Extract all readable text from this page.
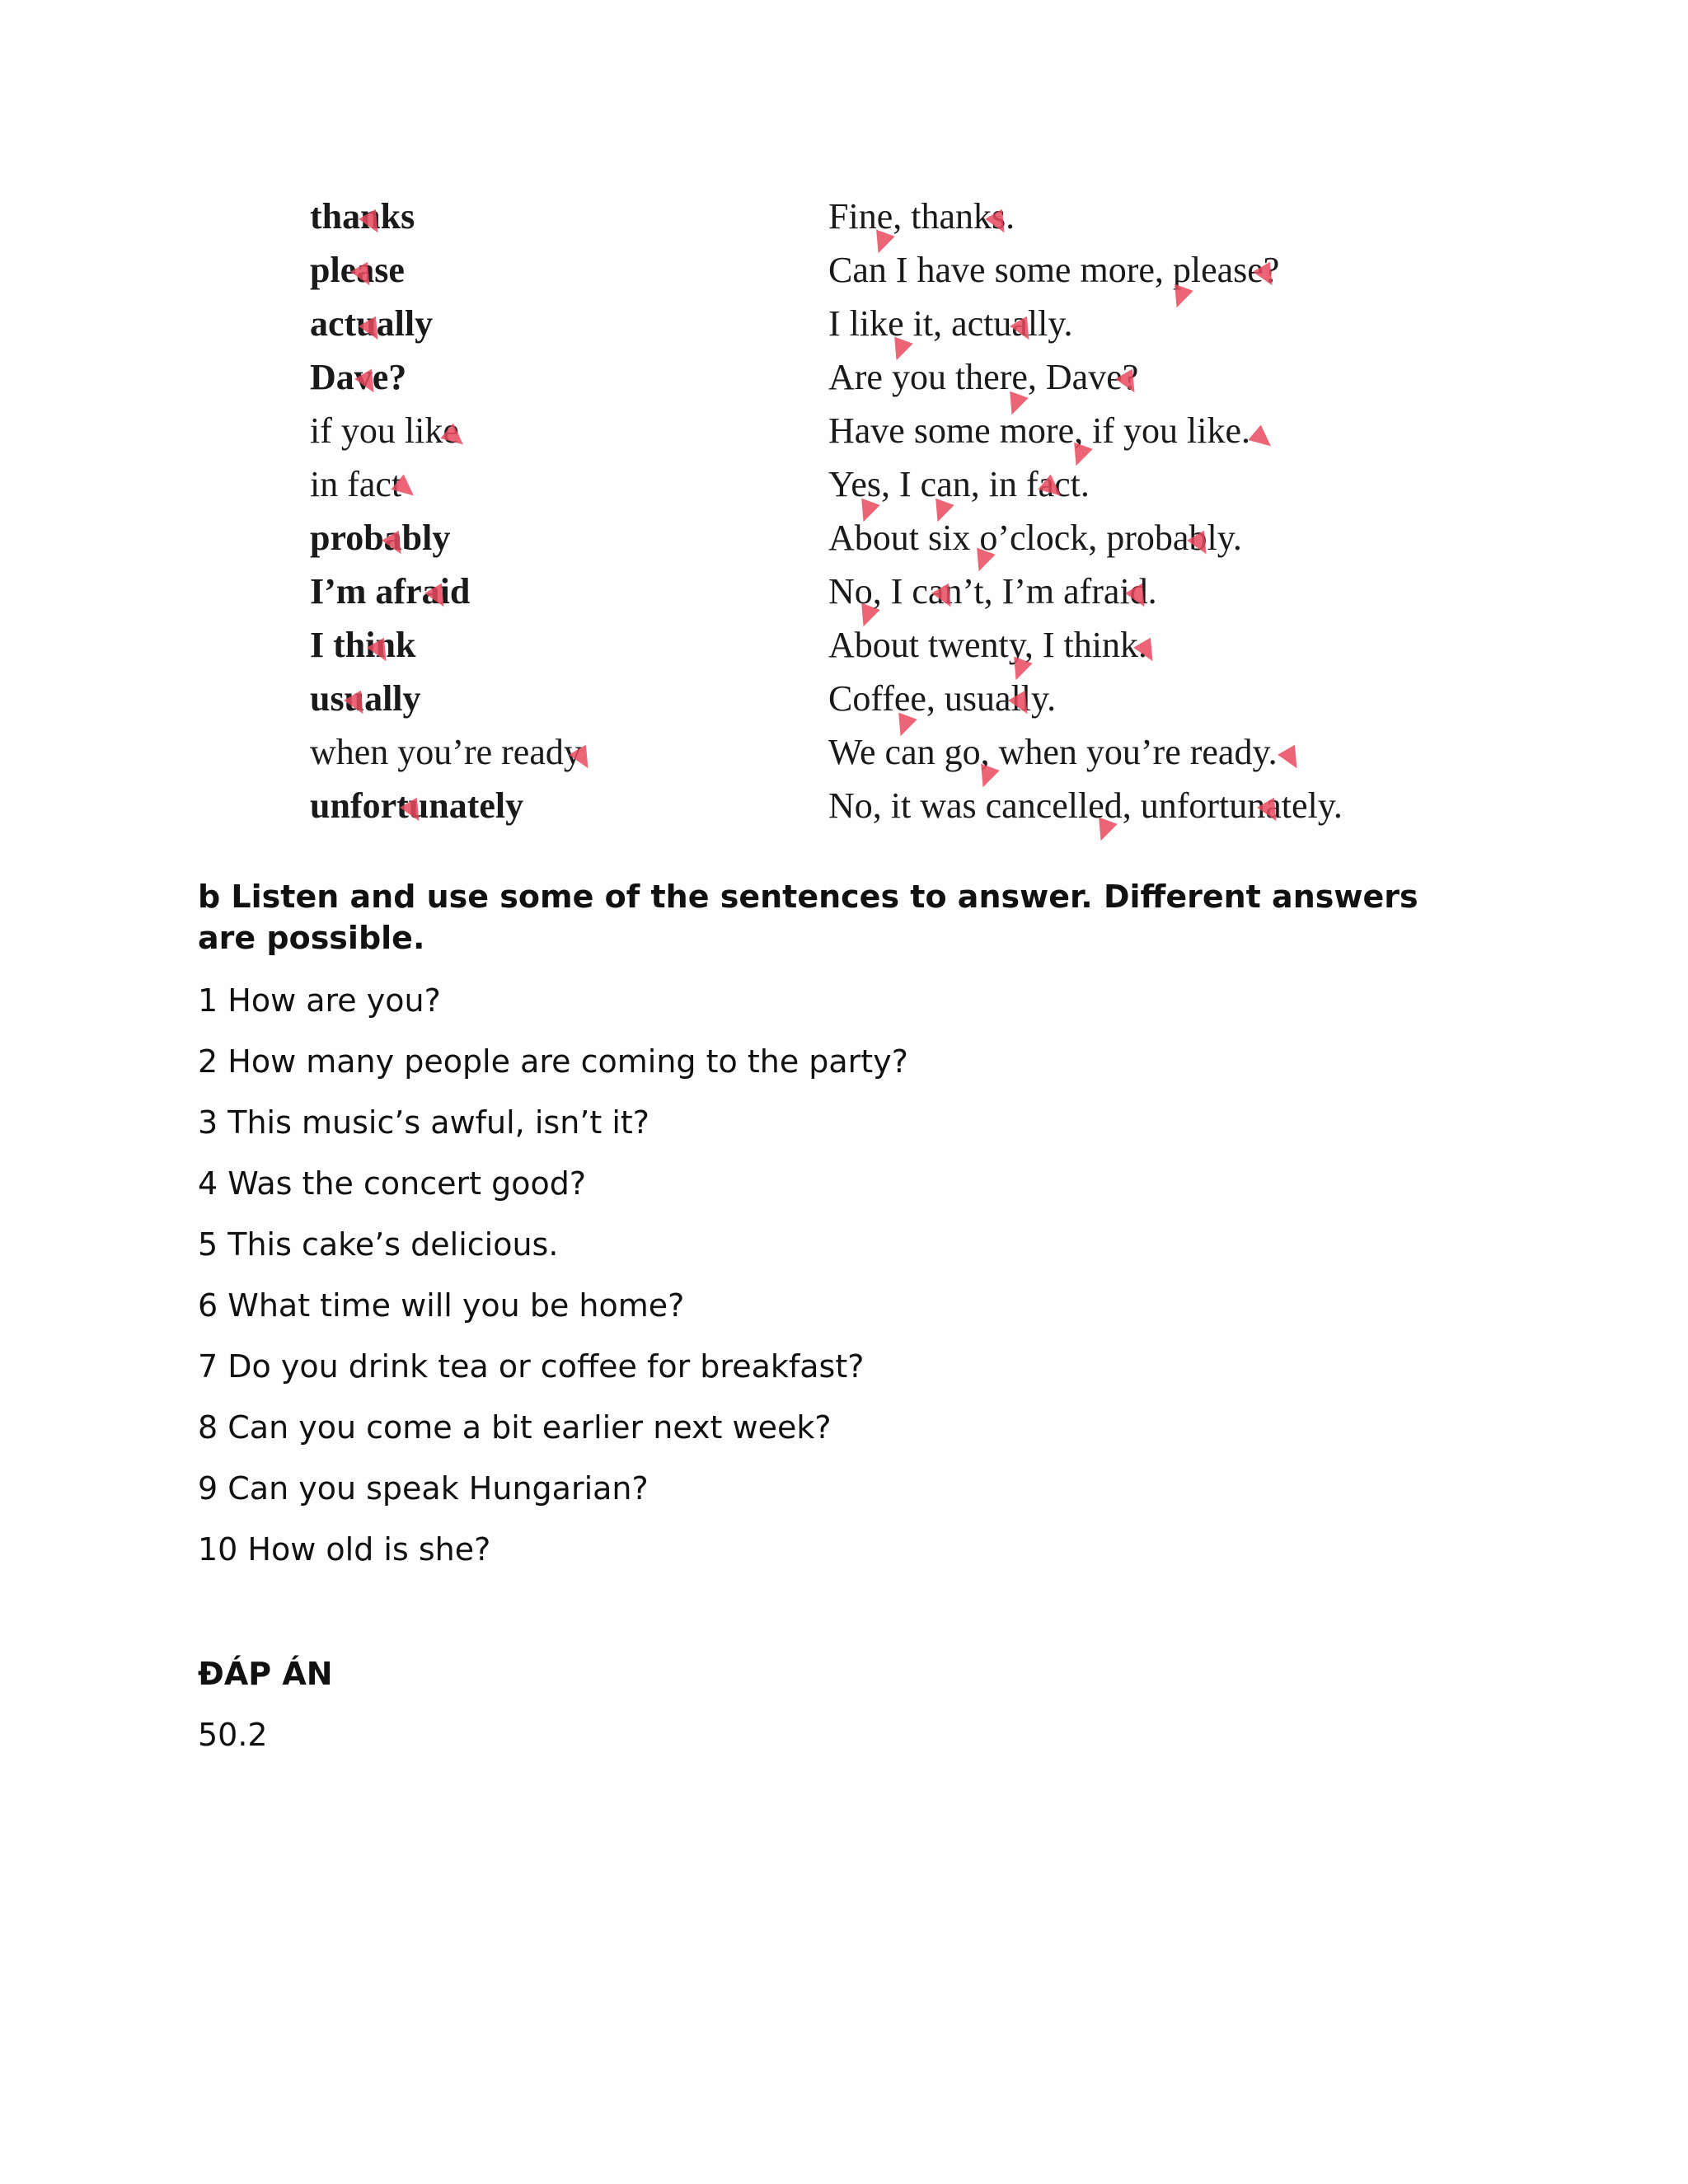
thanks
please
actually
Dave?
if you like
in fact
probably
I’m afraid
I think
usually
when you’re ready
unfortunately
Fine, thanks.
Can I have some more, please?
I like it, actually.
Are you there, Dave?
Have some more, if you like.
Yes, I can, in fact.
About six o’clock, probably.
No, I can’t, I’m afraid.
About twenty, I think.
Coffee, usually.
We can go, when you’re ready.
No, it was cancelled, unfortunately.
b Listen and use some of the sentences to answer. Different answers are possible.
1 How are you?
2 How many people are coming to the party?
3 This music’s awful, isn’t it?
4 Was the concert good?
5 This cake’s delicious.
6 What time will you be home?
7 Do you drink tea or coffee for breakfast?
8 Can you come a bit earlier next week?
9 Can you speak Hungarian?
10 How old is she?
ĐÁP ÁN
50.2
